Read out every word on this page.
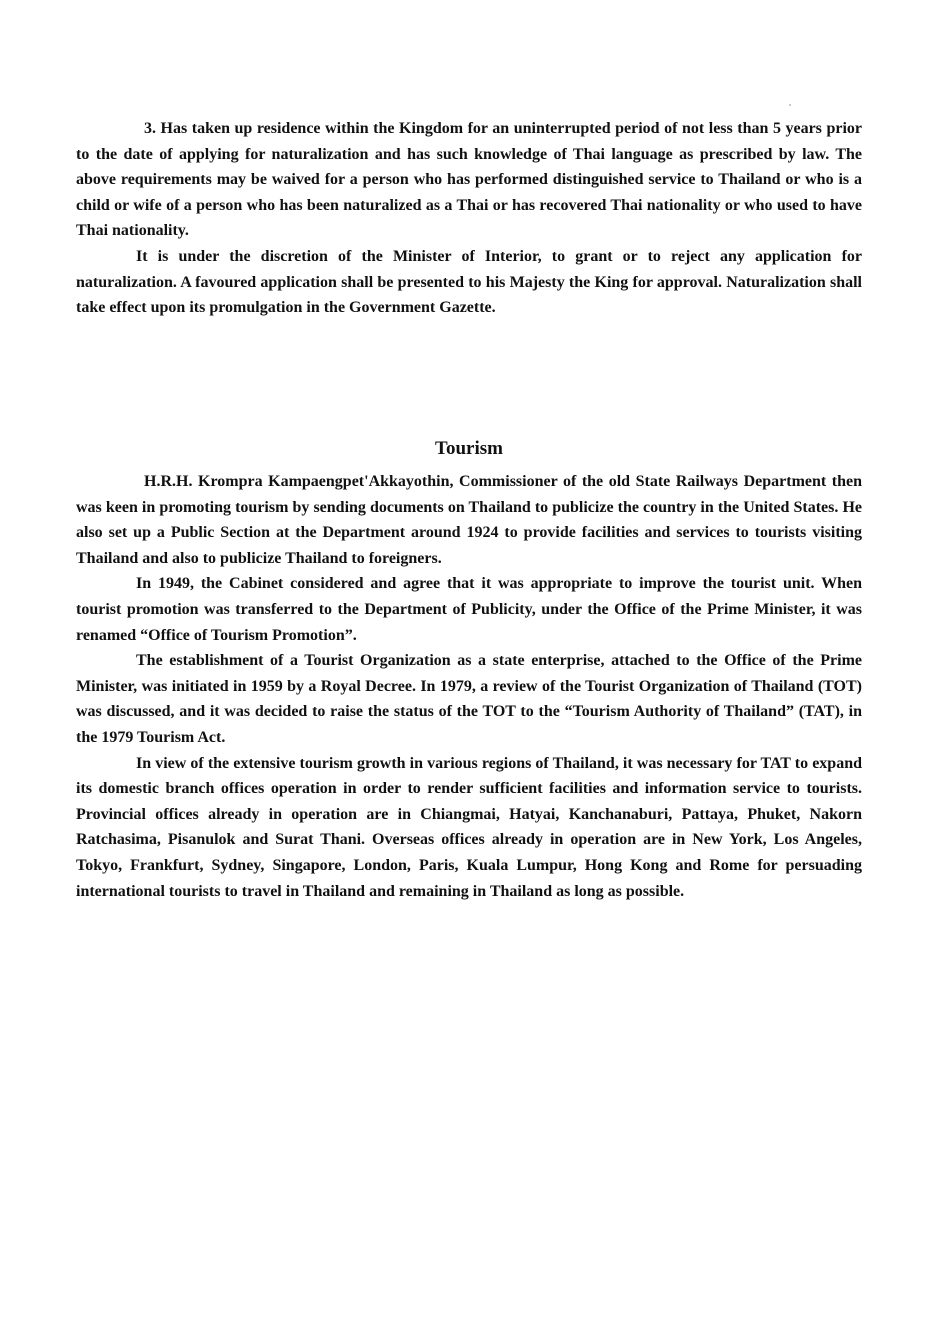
3. Has taken up residence within the Kingdom for an uninterrupted period of not less than 5 years prior to the date of applying for naturalization and has such knowledge of Thai language as prescribed by law. The above requirements may be waived for a person who has performed distinguished service to Thailand or who is a child or wife of a person who has been naturalized as a Thai or has recovered Thai nationality or who used to have Thai nationality.

It is under the discretion of the Minister of Interior, to grant or to reject any application for naturalization. A favoured application shall be presented to his Majesty the King for approval. Naturalization shall take effect upon its promulgation in the Government Gazette.

Tourism

H.R.H. Krompra Kampaengpet'Akkayothin, Commissioner of the old State Railways Department then was keen in promoting tourism by sending documents on Thailand to publicize the country in the United States. He also set up a Public Section at the Department around 1924 to provide facilities and services to tourists visiting Thailand and also to publicize Thailand to foreigners.

In 1949, the Cabinet considered and agree that it was appropriate to improve the tourist unit. When tourist promotion was transferred to the Department of Publicity, under the Office of the Prime Minister, it was renamed “Office of Tourism Promotion”.

The establishment of a Tourist Organization as a state enterprise, attached to the Office of the Prime Minister, was initiated in 1959 by a Royal Decree. In 1979, a review of the Tourist Organization of Thailand (TOT) was discussed, and it was decided to raise the status of the TOT to the “Tourism Authority of Thailand” (TAT), in the 1979 Tourism Act.

In view of the extensive tourism growth in various regions of Thailand, it was necessary for TAT to expand its domestic branch offices operation in order to render sufficient facilities and information service to tourists. Provincial offices already in operation are in Chiangmai, Hatyai, Kanchanaburi, Pattaya, Phuket, Nakorn Ratchasima, Pisanulok and Surat Thani. Overseas offices already in operation are in New York, Los Angeles, Tokyo, Frankfurt, Sydney, Singapore, London, Paris, Kuala Lumpur, Hong Kong and Rome for persuading international tourists to travel in Thailand and remaining in Thailand as long as possible.
